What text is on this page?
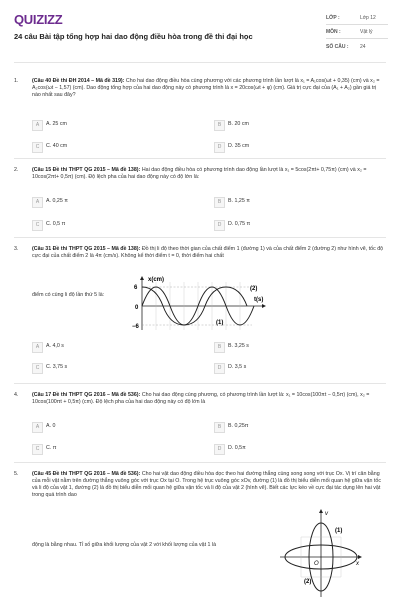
QUIZIZZ
24 câu Bài tập tổng hợp hai dao động điều hòa trong đề thi đại học
LỚP :	Lớp 12
MÔN :	Vật lý
SỐ CÂU : 24
1.	(Câu 40 Đề thi ĐH 2014 – Mã đề 319): Cho hai dao động điều hòa cùng phương với các phương trình lần lượt là x₁ = A₁cos(ωt + 0,35) (cm) và x₂ = A₂cos(ωt − 1,57) (cm). Dao động tổng hợp của hai dao động này có phương trình là x = 20cos(ωt + φ) (cm). Giá trị cực đại của (A₁ + A₂) gần giá trị nào nhất sau đây?
A	A. 25 cm	B	B. 20 cm
C	C. 40 cm	D	D. 35 cm
2.	(Câu 15 Đề thi THPT QG 2015 – Mã đề 138): Hai dao động điều hòa có phương trình dao động lần lượt là x₁ = 5cos(2πt+ 0,75π) (cm) và x₂ = 10cos(2πt+ 0,5π) (cm). Độ lệch pha của hai dao động này có độ lớn là:
A	A. 0,25 π	B	B. 1,25 π
C	C. 0,5 π	D	D. 0,75 π
3.	(Câu 31 Đề thi THPT QG 2015 – Mã đề 138): Đồ thị li độ theo thời gian của chất điểm 1 (đường 1) và của chất điểm 2 (đường 2) như hình vẽ, tốc độ cực đại của chất điểm 2 là 4π (cm/s). Không kể thời điểm t = 0, thời điểm hai chất
điểm có cùng li độ lần thứ 5 là:
x(cm)
6
0
−6
t(s)
(2)
(1)
A	A. 4,0 s	B	B. 3,25 s
C	C. 3,75 s	D	D. 3,5 s
4.	(Câu 17 Đề thi THPT QG 2016 – Mã đề 536): Cho hai dao động cùng phương, có phương trình lần lượt là: x₁ = 10cos(100πt − 0,5π) (cm), x₂ = 10cos(100πt + 0,5π) (cm). Độ lệch pha của hai dao động này có độ lớn là
A	A. 0	B	B. 0,25π
C	C. π	D	D. 0,5π
5.	(Câu 45 Đề thi THPT QG 2016 – Mã đề 536): Cho hai vật dao động điều hòa dọc theo hai đường thẳng cùng song song với trục Ox. Vị trí cân bằng của mỗi vật nằm trên đường thẳng vuông góc với trục Ox tại O. Trong hệ trục vuông góc xOv, đường (1) là đồ thị biểu diễn mối quan hệ giữa vận tốc và li độ của vật 1, đường (2) là đồ thị biểu diễn mối quan hệ giữa vận tốc và li độ của vật 2 (hình vẽ). Biết các lực kéo về cực đại tác dụng lên hai vật trong quá trình dao
động là bằng nhau. Tỉ số giữa khối lượng của vật 2 với khối lượng của vật 1 là
v
x
O
(1)
(2)
